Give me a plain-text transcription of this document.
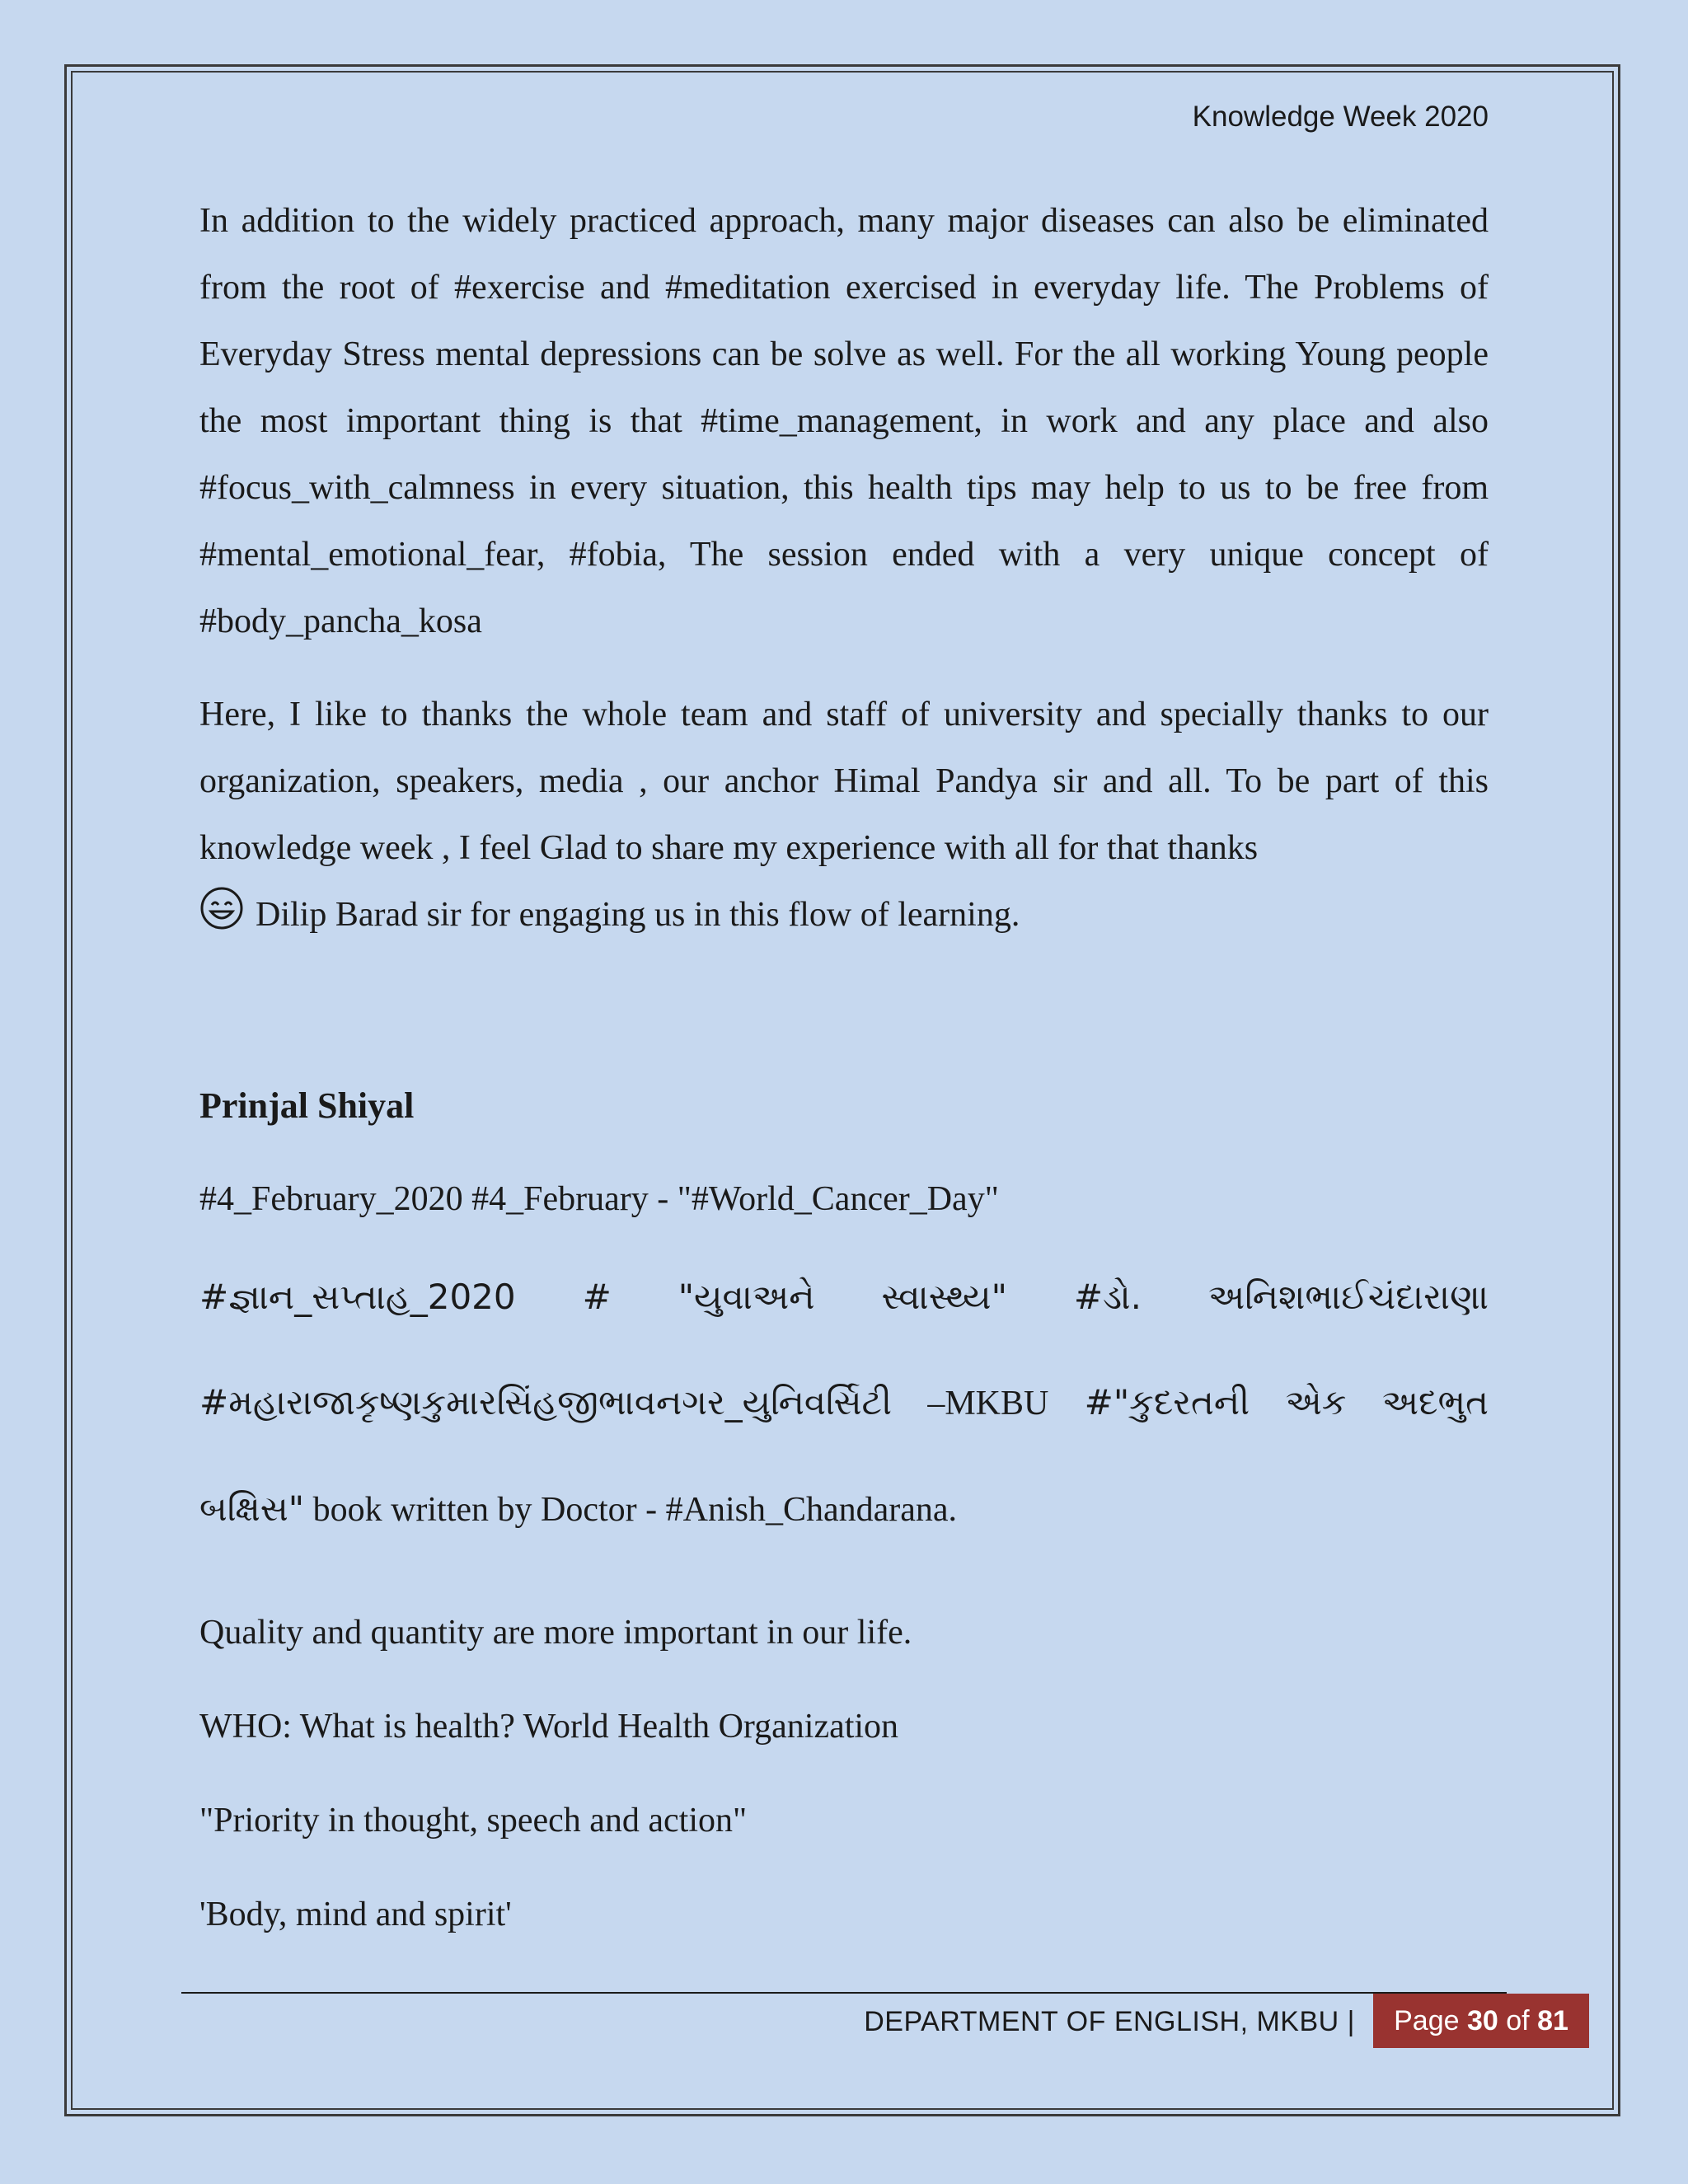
Knowledge Week 2020

In addition to the widely practiced approach, many major diseases can also be eliminated from the root of #exercise and #meditation exercised in everyday life. The Problems of Everyday Stress mental depressions can be solve as well. For the all working Young people the most important thing is that #time_management, in work and any place and also #focus_with_calmness in every situation, this health tips may help to us to be free from #mental_emotional_fear, #fobia, The session ended with a very unique concept of #body_pancha_kosa

Here, I like to thanks the whole team and staff of university and specially thanks to our organization, speakers, media , our anchor Himal Pandya sir and all. To be part of this knowledge week , I feel Glad to share my experience with all for that thanks

Dilip Barad sir for engaging us in this flow of learning.

Prinjal Shiyal

#4_February_2020 #4_February - "#World_Cancer_Day"

#જ્ઞાન_સપ્તાહ_2020 # "યુવાઅને સ્વાસ્થ્ય" #ડો. અનિશભાઈચંદારાણા

#મહારાજાકૃષ્ણકુમારસિંહજીભાવનગર_યુનિવર્સિટી –MKBU #"કુદરતની એક અદભુત

બક્ષિસ" book written by Doctor - #Anish_Chandarana.

Quality and quantity are more important in our life.

WHO: What is health? World Health Organization

"Priority in thought, speech and action"

'Body, mind and spirit'

DEPARTMENT OF ENGLISH, MKBU |	Page 30 of 81
